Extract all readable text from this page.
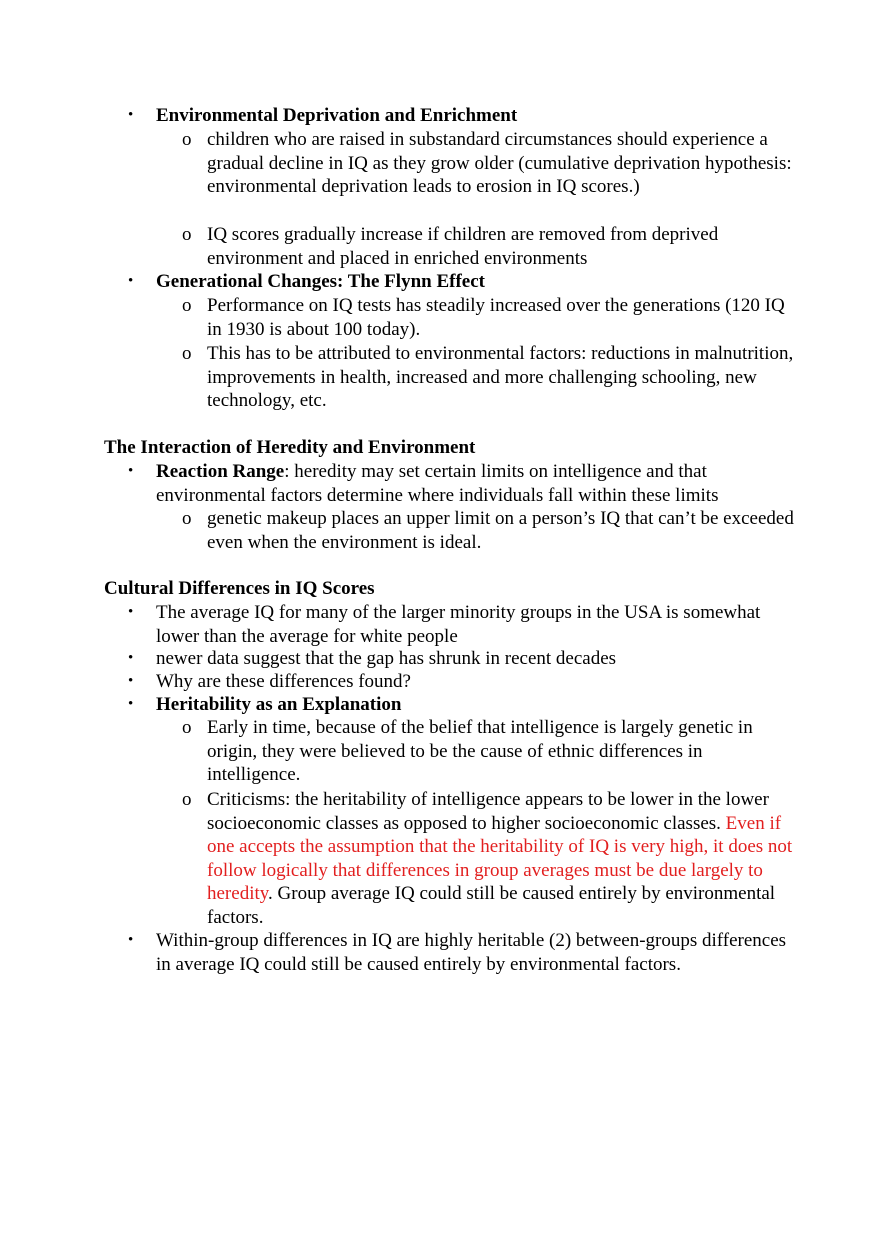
•	Environmental Deprivation and Enrichment
o children who are raised in substandard circumstances should experience a gradual decline in IQ as they grow older (cumulative deprivation hypothesis: environmental deprivation leads to erosion in IQ scores.)
o IQ scores gradually increase if children are removed from deprived environment and placed in enriched environments
•	Generational Changes: The Flynn Effect
o Performance on IQ tests has steadily increased over the generations (120 IQ in 1930 is about 100 today).
o This has to be attributed to environmental factors: reductions in malnutrition, improvements in health, increased and more challenging schooling, new technology, etc.
The Interaction of Heredity and Environment
•	Reaction Range: heredity may set certain limits on intelligence and that environmental factors determine where individuals fall within these limits
o genetic makeup places an upper limit on a person’s IQ that can’t be exceeded even when the environment is ideal.
Cultural Differences in IQ Scores
•	The average IQ for many of the larger minority groups in the USA is somewhat lower than the average for white people
•	newer data suggest that the gap has shrunk in recent decades
•	Why are these differences found?
•	Heritability as an Explanation
o Early in time, because of the belief that intelligence is largely genetic in origin, they were believed to be the cause of ethnic differences in intelligence.
o Criticisms: the heritability of intelligence appears to be lower in the lower socioeconomic classes as opposed to higher socioeconomic classes. Even if one accepts the assumption that the heritability of IQ is very high, it does not follow logically that differences in group averages must be due largely to heredity. Group average IQ could still be caused entirely by environmental factors.
•	Within-group differences in IQ are highly heritable (2) between-groups differences in average IQ could still be caused entirely by environmental factors.
